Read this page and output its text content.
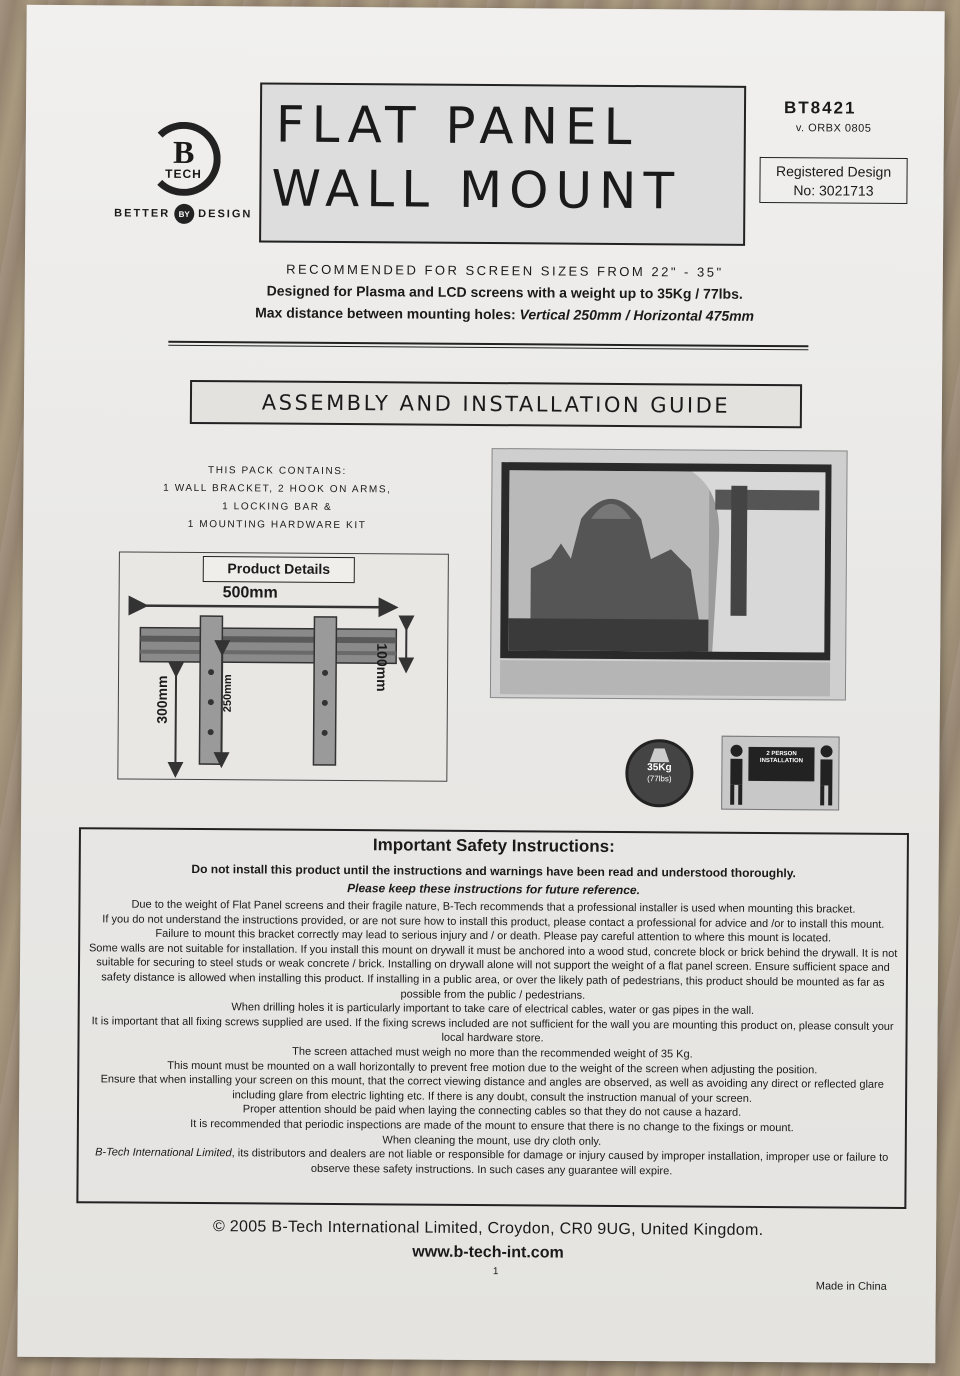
B
TECH
BETTER	BY DESIGN
FLAT PANEL
WALL MOUNT
BT8421
v. ORBX 0805
Registered Design
No: 3021713
RECOMMENDED FOR SCREEN SIZES FROM 22" - 35"
Designed for Plasma and LCD screens with a weight up to 35Kg / 77lbs.
Max distance between mounting holes: Vertical 250mm / Horizontal 475mm
ASSEMBLY AND INSTALLATION GUIDE
THIS PACK CONTAINS:
1 WALL BRACKET, 2 HOOK ON ARMS,
1 LOCKING BAR &
1 MOUNTING HARDWARE KIT
Product Details
500mm
100mm
300mm	250mm
35Kg
(77lbs)
2 PERSON INSTALLATION
Important Safety Instructions:
Do not install this product until the instructions and warnings have been read and understood thoroughly.
Please keep these instructions for future reference.

Due to the weight of Flat Panel screens and their fragile nature, B-Tech recommends that a professional installer is used when mounting this bracket.

If you do not understand the instructions provided, or are not sure how to install this product, please contact a professional for advice and /or to install this mount. Failure to mount this bracket correctly may lead to serious injury and / or death. Please pay careful attention to where this mount is located.

Some walls are not suitable for installation. If you install this mount on drywall it must be anchored into a wood stud, concrete block or brick behind the drywall. It is not suitable for securing to steel studs or weak concrete / brick. Installing on drywall alone will not support the weight of a flat panel screen. Ensure sufficient space and safety distance is allowed when installing this product. If installing in a public area, or over the likely path of pedestrians, this product should be mounted as far as possible from the public / pedestrians.

When drilling holes it is particularly important to take care of electrical cables, water or gas pipes in the wall.

It is important that all fixing screws supplied are used. If the fixing screws included are not sufficient for the wall you are mounting this product on, please consult your local hardware store.

The screen attached must weigh no more than the recommended weight of 35 Kg.

This mount must be mounted on a wall horizontally to prevent free motion due to the weight of the screen when adjusting the position.

Ensure that when installing your screen on this mount, that the correct viewing distance and angles are observed, as well as avoiding any direct or reflected glare including glare from electric lighting etc. If there is any doubt, consult the instruction manual of your screen.

Proper attention should be paid when laying the connecting cables so that they do not cause a hazard.

It is recommended that periodic inspections are made of the mount to ensure that there is no change to the fixings or mount.

When cleaning the mount, use dry cloth only.

B-Tech International Limited, its distributors and dealers are not liable or responsible for damage or injury caused by improper installation, improper use or failure to observe these safety instructions. In such cases any guarantee will expire.

© 2005 B-Tech International Limited, Croydon, CR0 9UG, United Kingdom.
www.b-tech-int.com
1
Made in China
